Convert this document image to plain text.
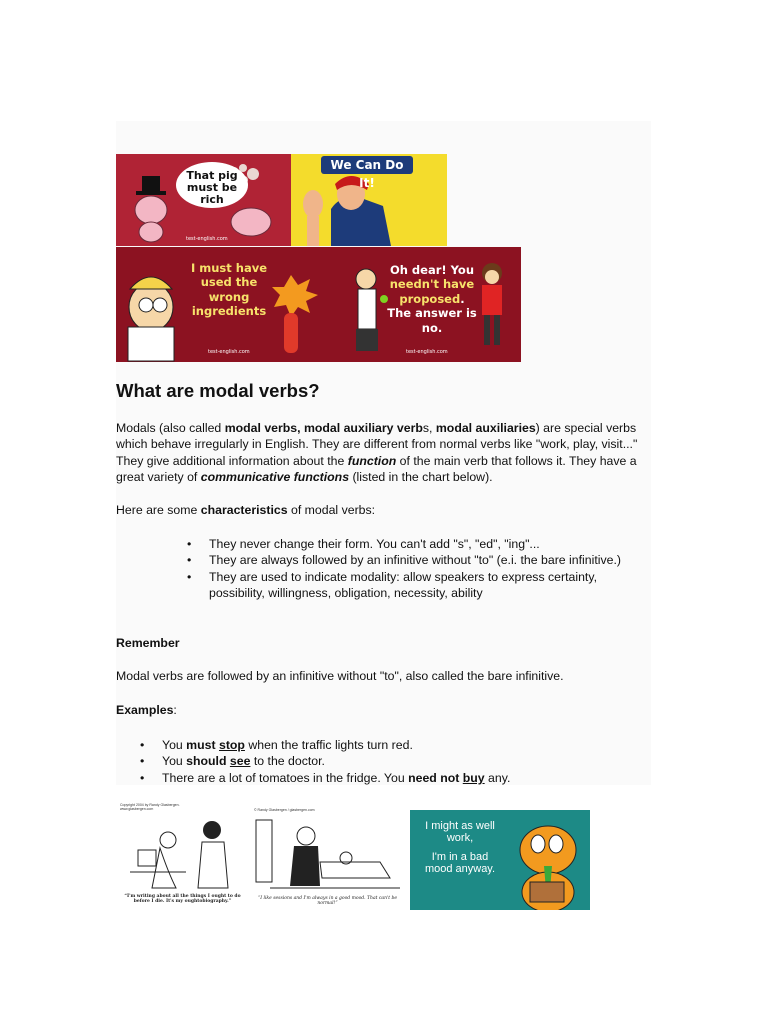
That pig must be rich
test-english.com
We Can Do It!
I must have used the wrong ingredients
test-english.com
Oh dear! You needn't have proposed. The answer is no.
test-english.com
What are modal verbs?
Modals (also called modal verbs, modal auxiliary verbs, modal auxiliaries) are special verbs which behave irregularly in English. They are different from normal verbs like "work, play, visit..." They give additional information about the function of the main verb that follows it. They have a great variety of communicative functions (listed in the chart below).
Here are some characteristics of modal verbs:
• They never change their form. You can't add "s", "ed", "ing"...
• They are always followed by an infinitive without "to" (e.i. the bare infinitive.)
• They are used to indicate modality: allow speakers to express certainty, possibility, willingness, obligation, necessity, ability
Remember
Modal verbs are followed by an infinitive without "to", also called the bare infinitive.
Examples:
• You must stop when the traffic lights turn red.
• You should see to the doctor.
• There are a lot of tomatoes in the fridge. You need not buy any.
Copyright 2004 by Randy Glasbergen. www.glasbergen.com
“I'm writing about all the things I ought to do before I die. It's my oughtobiography.”
© Randy Glasbergen / glasbergen.com
“I like sessions and I'm always in a good mood. That can't be normal!”
I might as well work,
I'm in a bad mood anyway.
